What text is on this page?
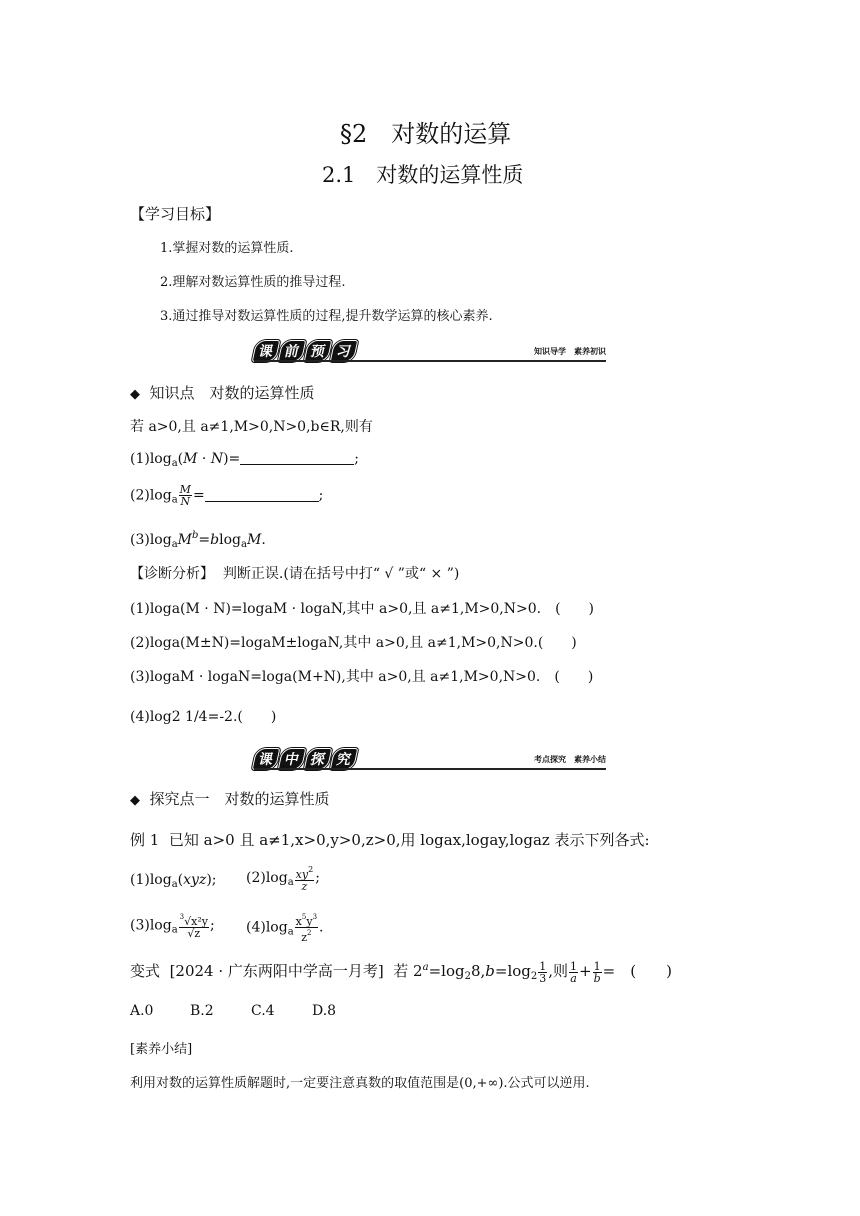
§2　对数的运算
2.1　对数的运算性质
【学习目标】
1.掌握对数的运算性质.
2.理解对数运算性质的推导过程.
3.通过推导对数运算性质的过程,提升数学运算的核心素养.
课 前 预 习	知识导学　素养初识
◆ 知识点　对数的运算性质
若 a>0,且 a≠1,M>0,N>0,b∈R,则有
$(1)\log_a(M \cdot N)=$	;
$(2)\log_a \frac{M}{N}$ =	;
$(3)\log_aM^b=blog_aM$.
【诊断分析】 判断正误.(请在括号中打“ √ ”或“ × ”)
(1)loga(M · N)=logaM · logaN,其中 a>0,且 a≠1,M>0,N>0.　(　　)
(2)loga(M±N)=logaM±logaN,其中 a>0,且 a≠1,M>0,N>0.(　　)
(3)logaM · logaN=loga(M+N),其中 a>0,且 a≠1,M>0,N>0.　(　　)
(4)log2 1/4=-2.(　　)
课 中 探 究	考点探究　素养小结
◆ 探究点一　对数的运算性质
例 1 已知 a>0 且 a≠1,x>0,y>0,z>0,用 logax,logay,logaz 表示下列各式:
$(1)\log_a(xyz)$; $(2)\log_a \frac{xy^2}{z}$ ;
$(3)\log_a \frac{^3√x^2y}{√z}$ ; $(4)\log_a \frac{x^5y^3}{z^2}$ .
变式 [2024 · 广东两阳中学高一月考]  若 $2^a=\log_28,b=\log_2 \frac{1}{3}$ ,则 $\frac{1}{a} + \frac{1}{b}$ =　(　　)
A.0	B.2	C.4	D.8
[素养小结]
利用对数的运算性质解题时,一定要注意真数的取值范围是(0,+∞).公式可以逆用.
